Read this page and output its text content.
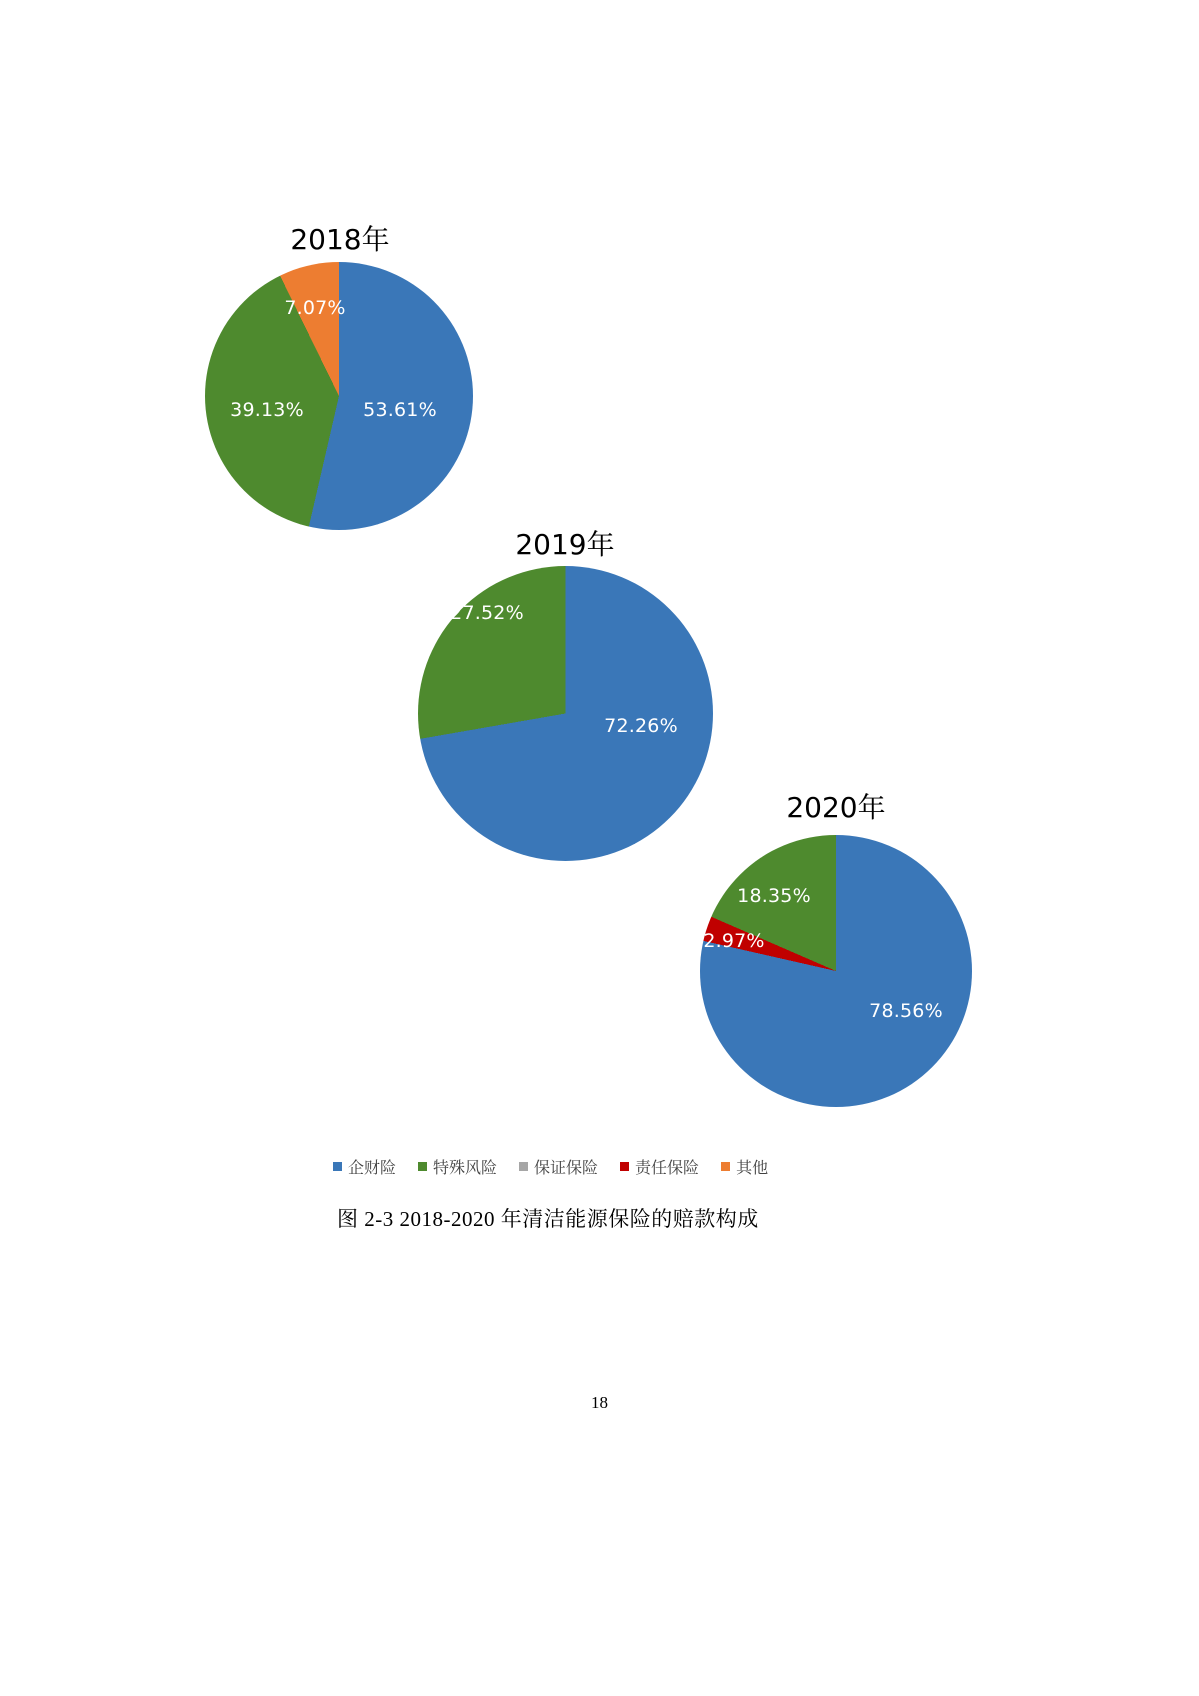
2018年
53.61%
39.13%
7.07%
2019年
72.26%
27.52%
2020年
78.56%
18.35%
2.97%
企财险 特殊风险 保证保险 责任保险 其他
图 2-3 2018-2020 年清洁能源保险的赔款构成
18
